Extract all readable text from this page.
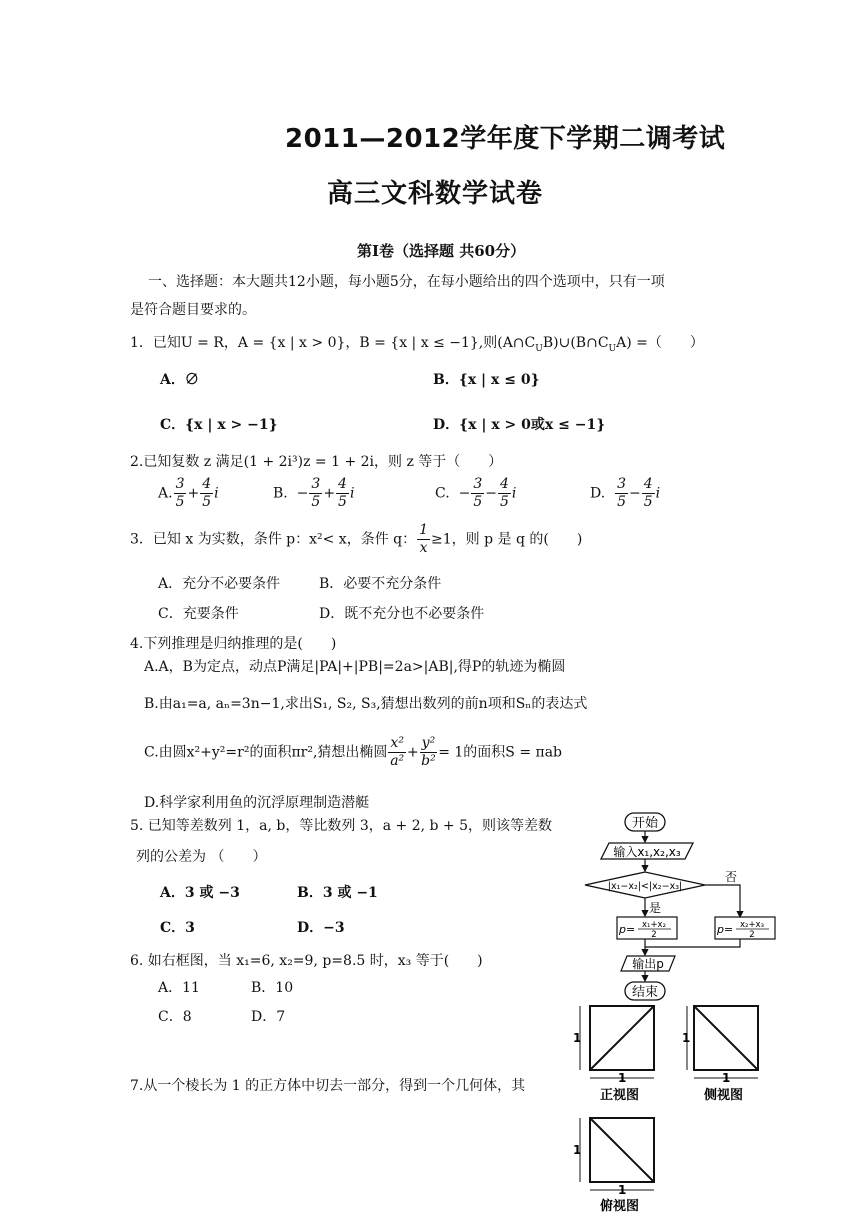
2011—2012学年度下学期二调考试
高三文科数学试卷
第Ⅰ卷（选择题 共60分）
一、选择题：本大题共12小题，每小题5分，在每小题给出的四个选项中，只有一项
是符合题目要求的。
1．已知U = R，A = {x | x > 0}，B = {x | x ≤ −1},则$(A\cap C_UB)\cup(B\cap C_UA)$ =（　　）
A．∅	B．{x | x ≤ 0}
C．{x | x > −1}	D．{x | x > 0或x ≤ −1}
2.已知复数 z 满足(1 + 2i³)z = 1 + 2i，则 z 等于（　　）
A. $\frac{3}{5} + \frac{4}{5}$ i	B. − $\frac{3}{5} + \frac{4}{5}$ i	C. − $\frac{3}{5} - \frac{4}{5}$ i	D. $\frac{3}{5} - \frac{4}{5}$ i
3．已知 x 为实数，条件 p：x²< x，条件 q： $\frac{1}{x} \ge 1$，则 p 是 q 的(　　)
A．充分不必要条件	B．必要不充分条件
C．充要条件	D．既不充分也不必要条件
4.下列推理是归纳推理的是(　　)
A.A，B为定点，动点P满足|PA|+|PB|=2a>|AB|,得P的轨迹为椭圆
B.由a₁=a, aₙ=3n−1,求出S₁, S₂, S₃,猜想出数列的前n项和Sₙ的表达式
C.由圆x²+y²=r²的面积πr²,猜想出椭圆 $\frac{\text{x²}}{\text{a²}} + \frac{\text{y²}}{\text{b²}} = 1$的面积S = πab
D.科学家利用鱼的沉浮原理制造潜艇
5. 已知等差数列 1，a, b，等比数列 3，a + 2, b + 5，则该等差数
列的公差为 （　　）
A．3 或 −3	B．3 或 −1
C．3	D．−3
6. 如右框图，当 x₁=6, x₂=9, p=8.5 时，x₃ 等于(　　)
A．11	B．10
C．8	D．7
7.从一个棱长为 1 的正方体中切去一部分，得到一个几何体，其
开始
输入x₁,x₂,x₃
|x₁−x₂|<|x₂−x₃|
否
是
p= x₁+x₂
2	p= x₂+x₃
2
输出p
结束
1
1
正视图
1
1
侧视图
1
1
俯视图
